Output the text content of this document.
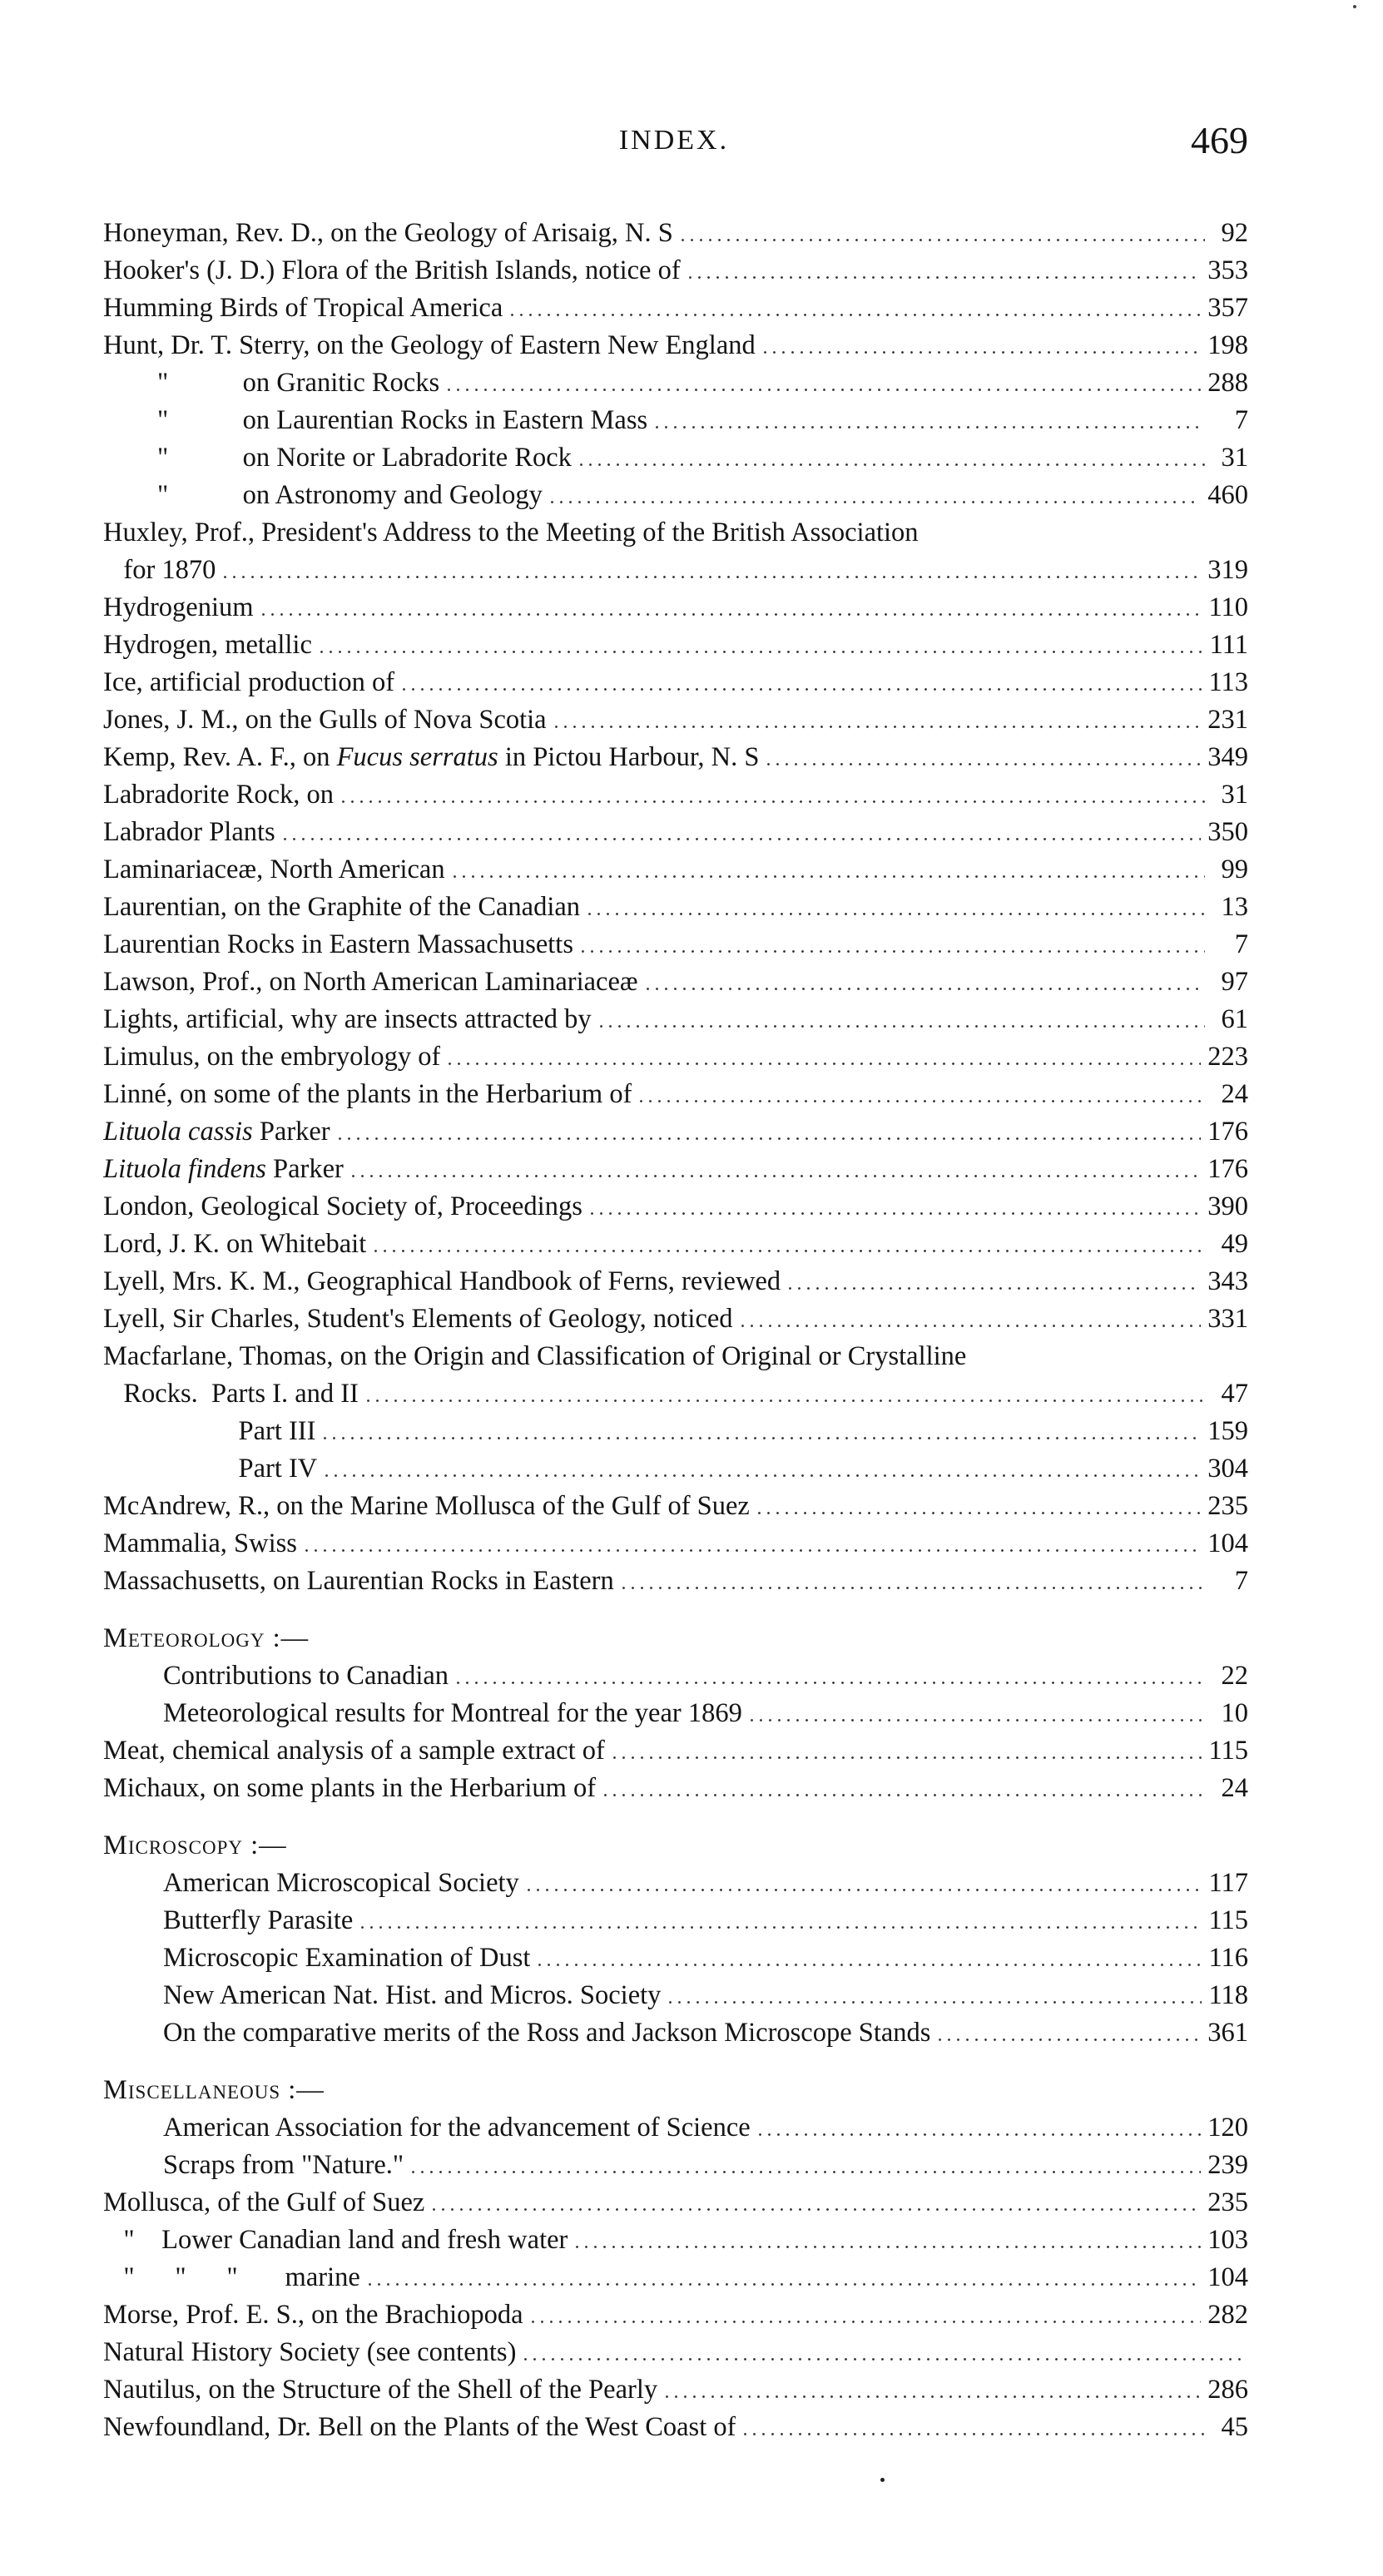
INDEX.	469
Honeyman, Rev. D., on the Geology of Arisaig, N. S	92
Hooker's (J. D.) Flora of the British Islands, notice of	353
Humming Birds of Tropical America	357
Hunt, Dr. T. Sterry, on the Geology of Eastern New England	198
"           on Granitic Rocks	288
"           on Laurentian Rocks in Eastern Mass	7
"           on Norite or Labradorite Rock	31
"           on Astronomy and Geology	460
Huxley, Prof., President's Address to the Meeting of the British Association
for 1870	319
Hydrogenium	110
Hydrogen, metallic	111
Ice, artificial production of	113
Jones, J. M., on the Gulls of Nova Scotia	231
Kemp, Rev. A. F., on Fucus serratus in Pictou Harbour, N. S	349
Labradorite Rock, on	31
Labrador Plants	350
Laminariaceæ, North American	99
Laurentian, on the Graphite of the Canadian	13
Laurentian Rocks in Eastern Massachusetts	7
Lawson, Prof., on North American Laminariaceæ	97
Lights, artificial, why are insects attracted by	61
Limulus, on the embryology of	223
Linné, on some of the plants in the Herbarium of	24
Lituola cassis Parker	176
Lituola findens Parker	176
London, Geological Society of, Proceedings	390
Lord, J. K. on Whitebait	49
Lyell, Mrs. K. M., Geographical Handbook of Ferns, reviewed	343
Lyell, Sir Charles, Student's Elements of Geology, noticed	331
Macfarlane, Thomas, on the Origin and Classification of Original or Crystalline
Rocks.  Parts I. and II	47
Part III	159
Part IV	304
McAndrew, R., on the Marine Mollusca of the Gulf of Suez	235
Mammalia, Swiss	104
Massachusetts, on Laurentian Rocks in Eastern	7
Meteorology :—
Contributions to Canadian	22
Meteorological results for Montreal for the year 1869	10
Meat, chemical analysis of a sample extract of	115
Michaux, on some plants in the Herbarium of	24
Microscopy :—
American Microscopical Society	117
Butterfly Parasite	115
Microscopic Examination of Dust	116
New American Nat. Hist. and Micros. Society	118
On the comparative merits of the Ross and Jackson Microscope Stands	361
Miscellaneous :—
American Association for the advancement of Science	120
Scraps from "Nature."	239
Mollusca, of the Gulf of Suez	235
"    Lower Canadian land and fresh water	103
"      "      "       marine	104
Morse, Prof. E. S., on the Brachiopoda	282
Natural History Society (see contents)
Nautilus, on the Structure of the Shell of the Pearly	286
Newfoundland, Dr. Bell on the Plants of the West Coast of	45
